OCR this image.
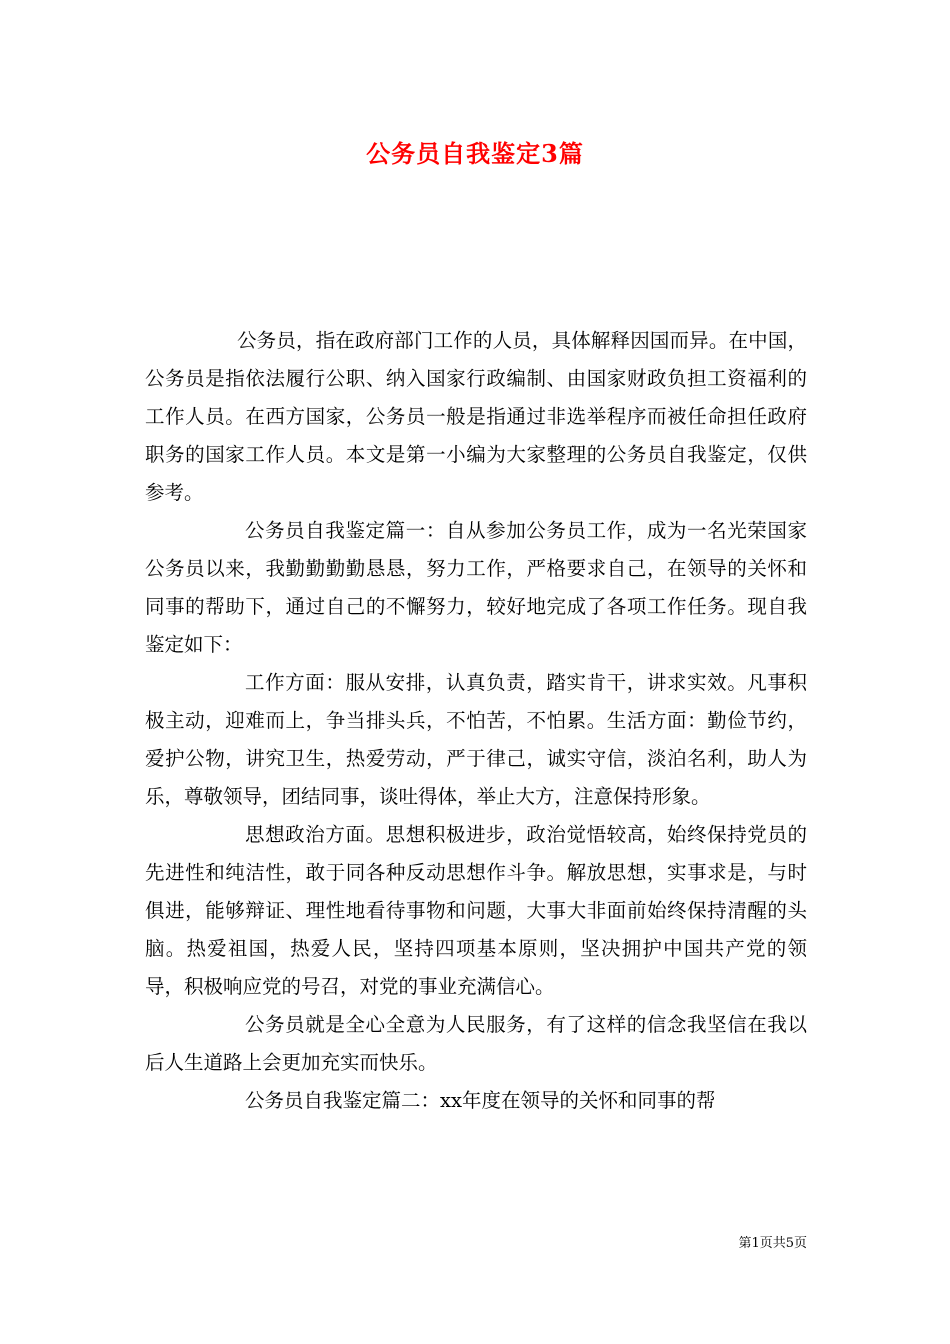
公务员自我鉴定3篇

公务员，指在政府部门工作的人员，具体解释因国而异。在中国，公务员是指依法履行公职、纳入国家行政编制、由国家财政负担工资福利的工作人员。在西方国家，公务员一般是指通过非选举程序而被任命担任政府职务的国家工作人员。本文是第一小编为大家整理的公务员自我鉴定，仅供参考。

公务员自我鉴定篇一：自从参加公务员工作，成为一名光荣国家公务员以来，我勤勤勤勤恳恳，努力工作，严格要求自己，在领导的关怀和同事的帮助下，通过自己的不懈努力，较好地完成了各项工作任务。现自我鉴定如下：

工作方面：服从安排，认真负责，踏实肯干，讲求实效。凡事积极主动，迎难而上，争当排头兵，不怕苦，不怕累。生活方面：勤俭节约，爱护公物，讲究卫生，热爱劳动，严于律己，诚实守信，淡泊名利，助人为乐，尊敬领导，团结同事，谈吐得体，举止大方，注意保持形象。

思想政治方面。思想积极进步，政治觉悟较高，始终保持党员的先进性和纯洁性，敢于同各种反动思想作斗争。解放思想，实事求是，与时俱进，能够辩证、理性地看待事物和问题，大事大非面前始终保持清醒的头脑。热爱祖国，热爱人民，坚持四项基本原则，坚决拥护中国共产党的领导，积极响应党的号召，对党的事业充满信心。

公务员就是全心全意为人民服务，有了这样的信念我坚信在我以后人生道路上会更加充实而快乐。

公务员自我鉴定篇二：xx年度在领导的关怀和同事的帮

第1页共5页
